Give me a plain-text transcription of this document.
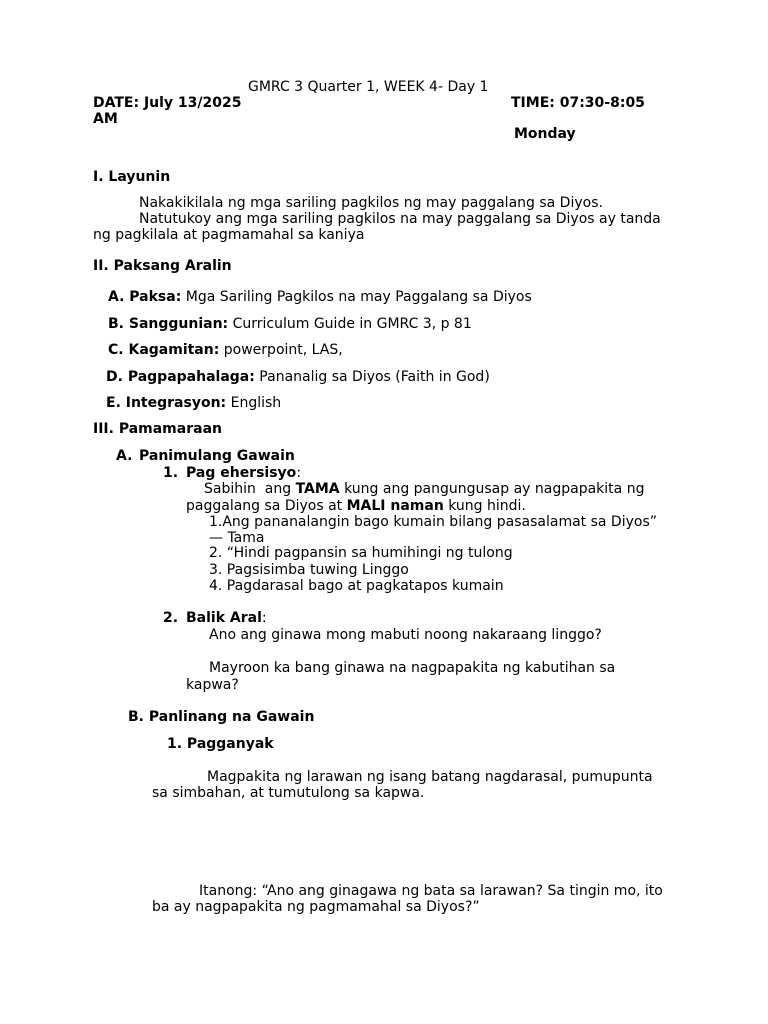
GMRC 3 Quarter 1, WEEK 4- Day 1
DATE: July 13/2025	TIME: 07:30-8:05
AM
Monday
I. Layunin
Nakakikilala ng mga sariling pagkilos ng may paggalang sa Diyos.
Natutukoy ang mga sariling pagkilos na may paggalang sa Diyos ay tanda
ng pagkilala at pagmamahal sa kaniya
II. Paksang Aralin
A. Paksa: Mga Sariling Pagkilos na may Paggalang sa Diyos
B. Sanggunian: Curriculum Guide in GMRC 3, p 81
C. Kagamitan: powerpoint, LAS,
D. Pagpapahalaga: Pananalig sa Diyos (Faith in God)
E. Integrasyon: English
III. Pamamaraan
A. Panimulang Gawain
1. Pag ehersisyo:
Sabihin  ang TAMA kung ang pangungusap ay nagpapakita ng
paggalang sa Diyos at MALI naman kung hindi.
1.Ang pananalangin bago kumain bilang pasasalamat sa Diyos”
— Tama
2. “Hindi pagpansin sa humihingi ng tulong
3. Pagsisimba tuwing Linggo
4. Pagdarasal bago at pagkatapos kumain
2. Balik Aral:
Ano ang ginawa mong mabuti noong nakaraang linggo?
Mayroon ka bang ginawa na nagpapakita ng kabutihan sa
kapwa?
B. Panlinang na Gawain
1. Pagganyak
Magpakita ng larawan ng isang batang nagdarasal, pumupunta
sa simbahan, at tumutulong sa kapwa.
Itanong: “Ano ang ginagawa ng bata sa larawan? Sa tingin mo, ito
ba ay nagpapakita ng pagmamahal sa Diyos?”
